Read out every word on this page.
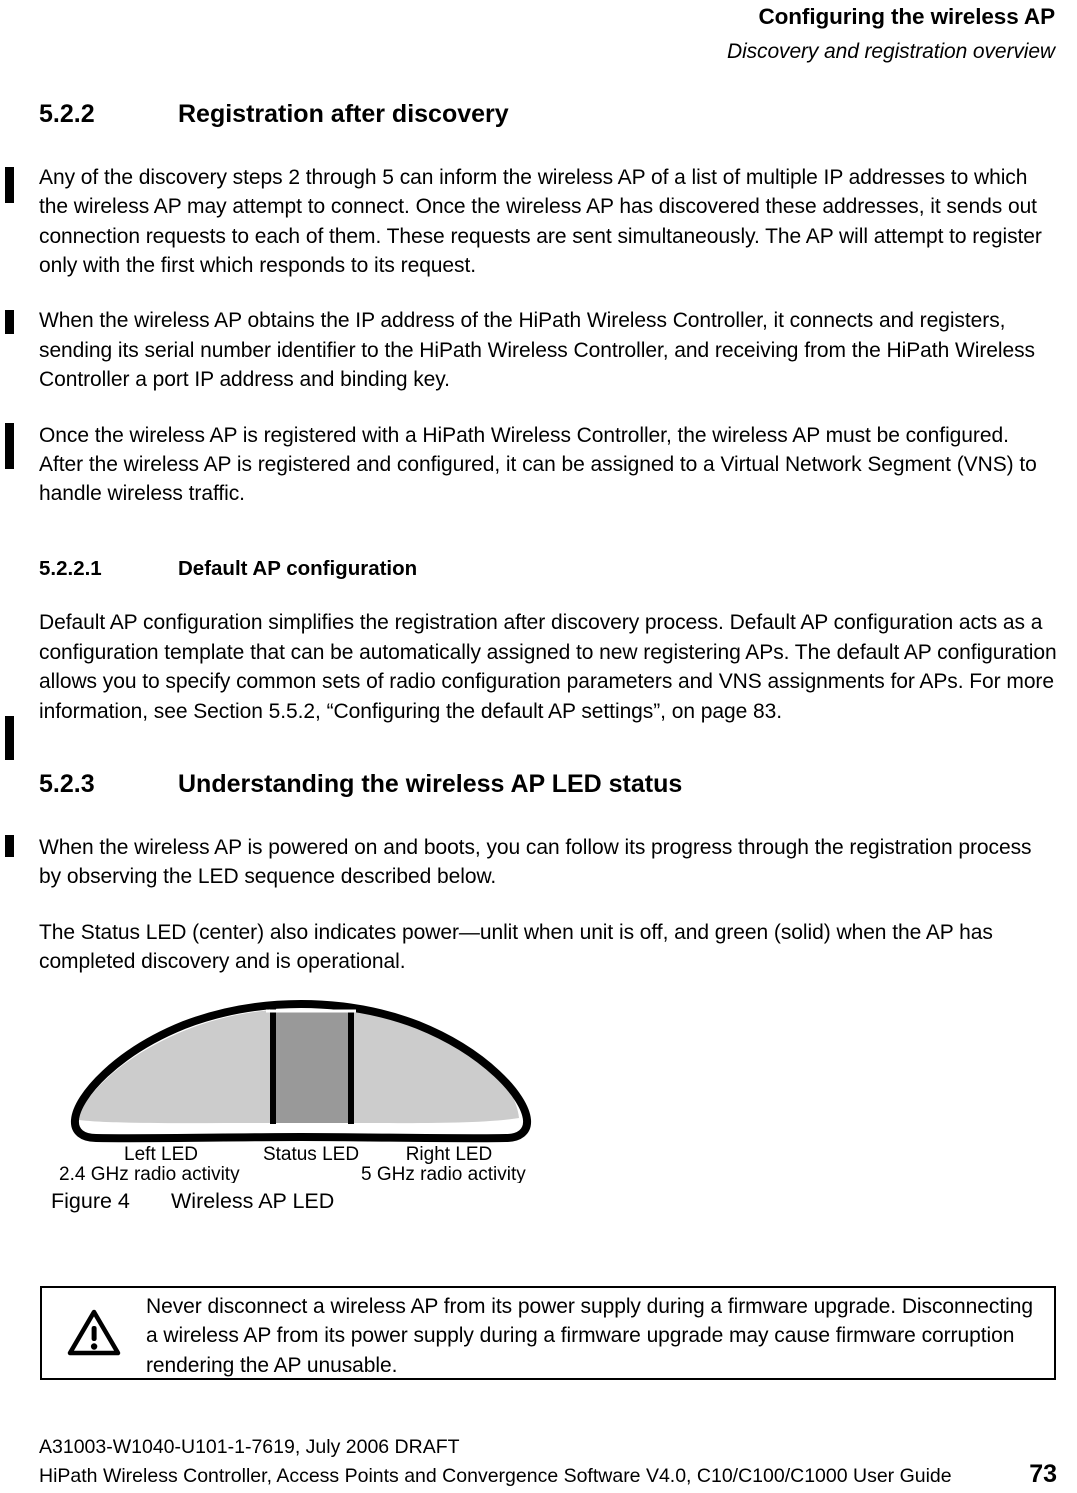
Configuring the wireless AP
Discovery and registration overview
5.2.2	Registration after discovery

Any of the discovery steps 2 through 5 can inform the wireless AP of a list of multiple IP addresses to which the wireless AP may attempt to connect. Once the wireless AP has discovered these addresses, it sends out connection requests to each of them. These requests are sent simultaneously. The AP will attempt to register only with the first which responds to its request.

When the wireless AP obtains the IP address of the HiPath Wireless Controller, it connects and registers, sending its serial number identifier to the HiPath Wireless Controller, and receiving from the HiPath Wireless Controller a port IP address and binding key.

Once the wireless AP is registered with a HiPath Wireless Controller, the wireless AP must be configured. After the wireless AP is registered and configured, it can be assigned to a Virtual Network Segment (VNS) to handle wireless traffic.

5.2.2.1	Default AP configuration

Default AP configuration simplifies the registration after discovery process. Default AP configuration acts as a configuration template that can be automatically assigned to new registering APs. The default AP configuration allows you to specify common sets of radio configuration parameters and VNS assignments for APs. For more information, see Section 5.5.2, “Configuring the default AP settings”, on page 83.

5.2.3	Understanding the wireless AP LED status

When the wireless AP is powered on and boots, you can follow its progress through the registration process by observing the LED sequence described below.

The Status LED (center) also indicates power—unlit when unit is off, and green (solid) when the AP has completed discovery and is operational.

Left LED	Status LED Right LED
2.4 GHz radio activity	5 GHz radio activity
Figure 4	Wireless AP LED
Never disconnect a wireless AP from its power supply during a firmware upgrade. Disconnecting a wireless AP from its power supply during a firmware upgrade may cause firmware corruption rendering the AP unusable.
A31003-W1040-U101-1-7619, July 2006 DRAFT
HiPath Wireless Controller, Access Points and Convergence Software V4.0, C10/C100/C1000 User Guide	73
